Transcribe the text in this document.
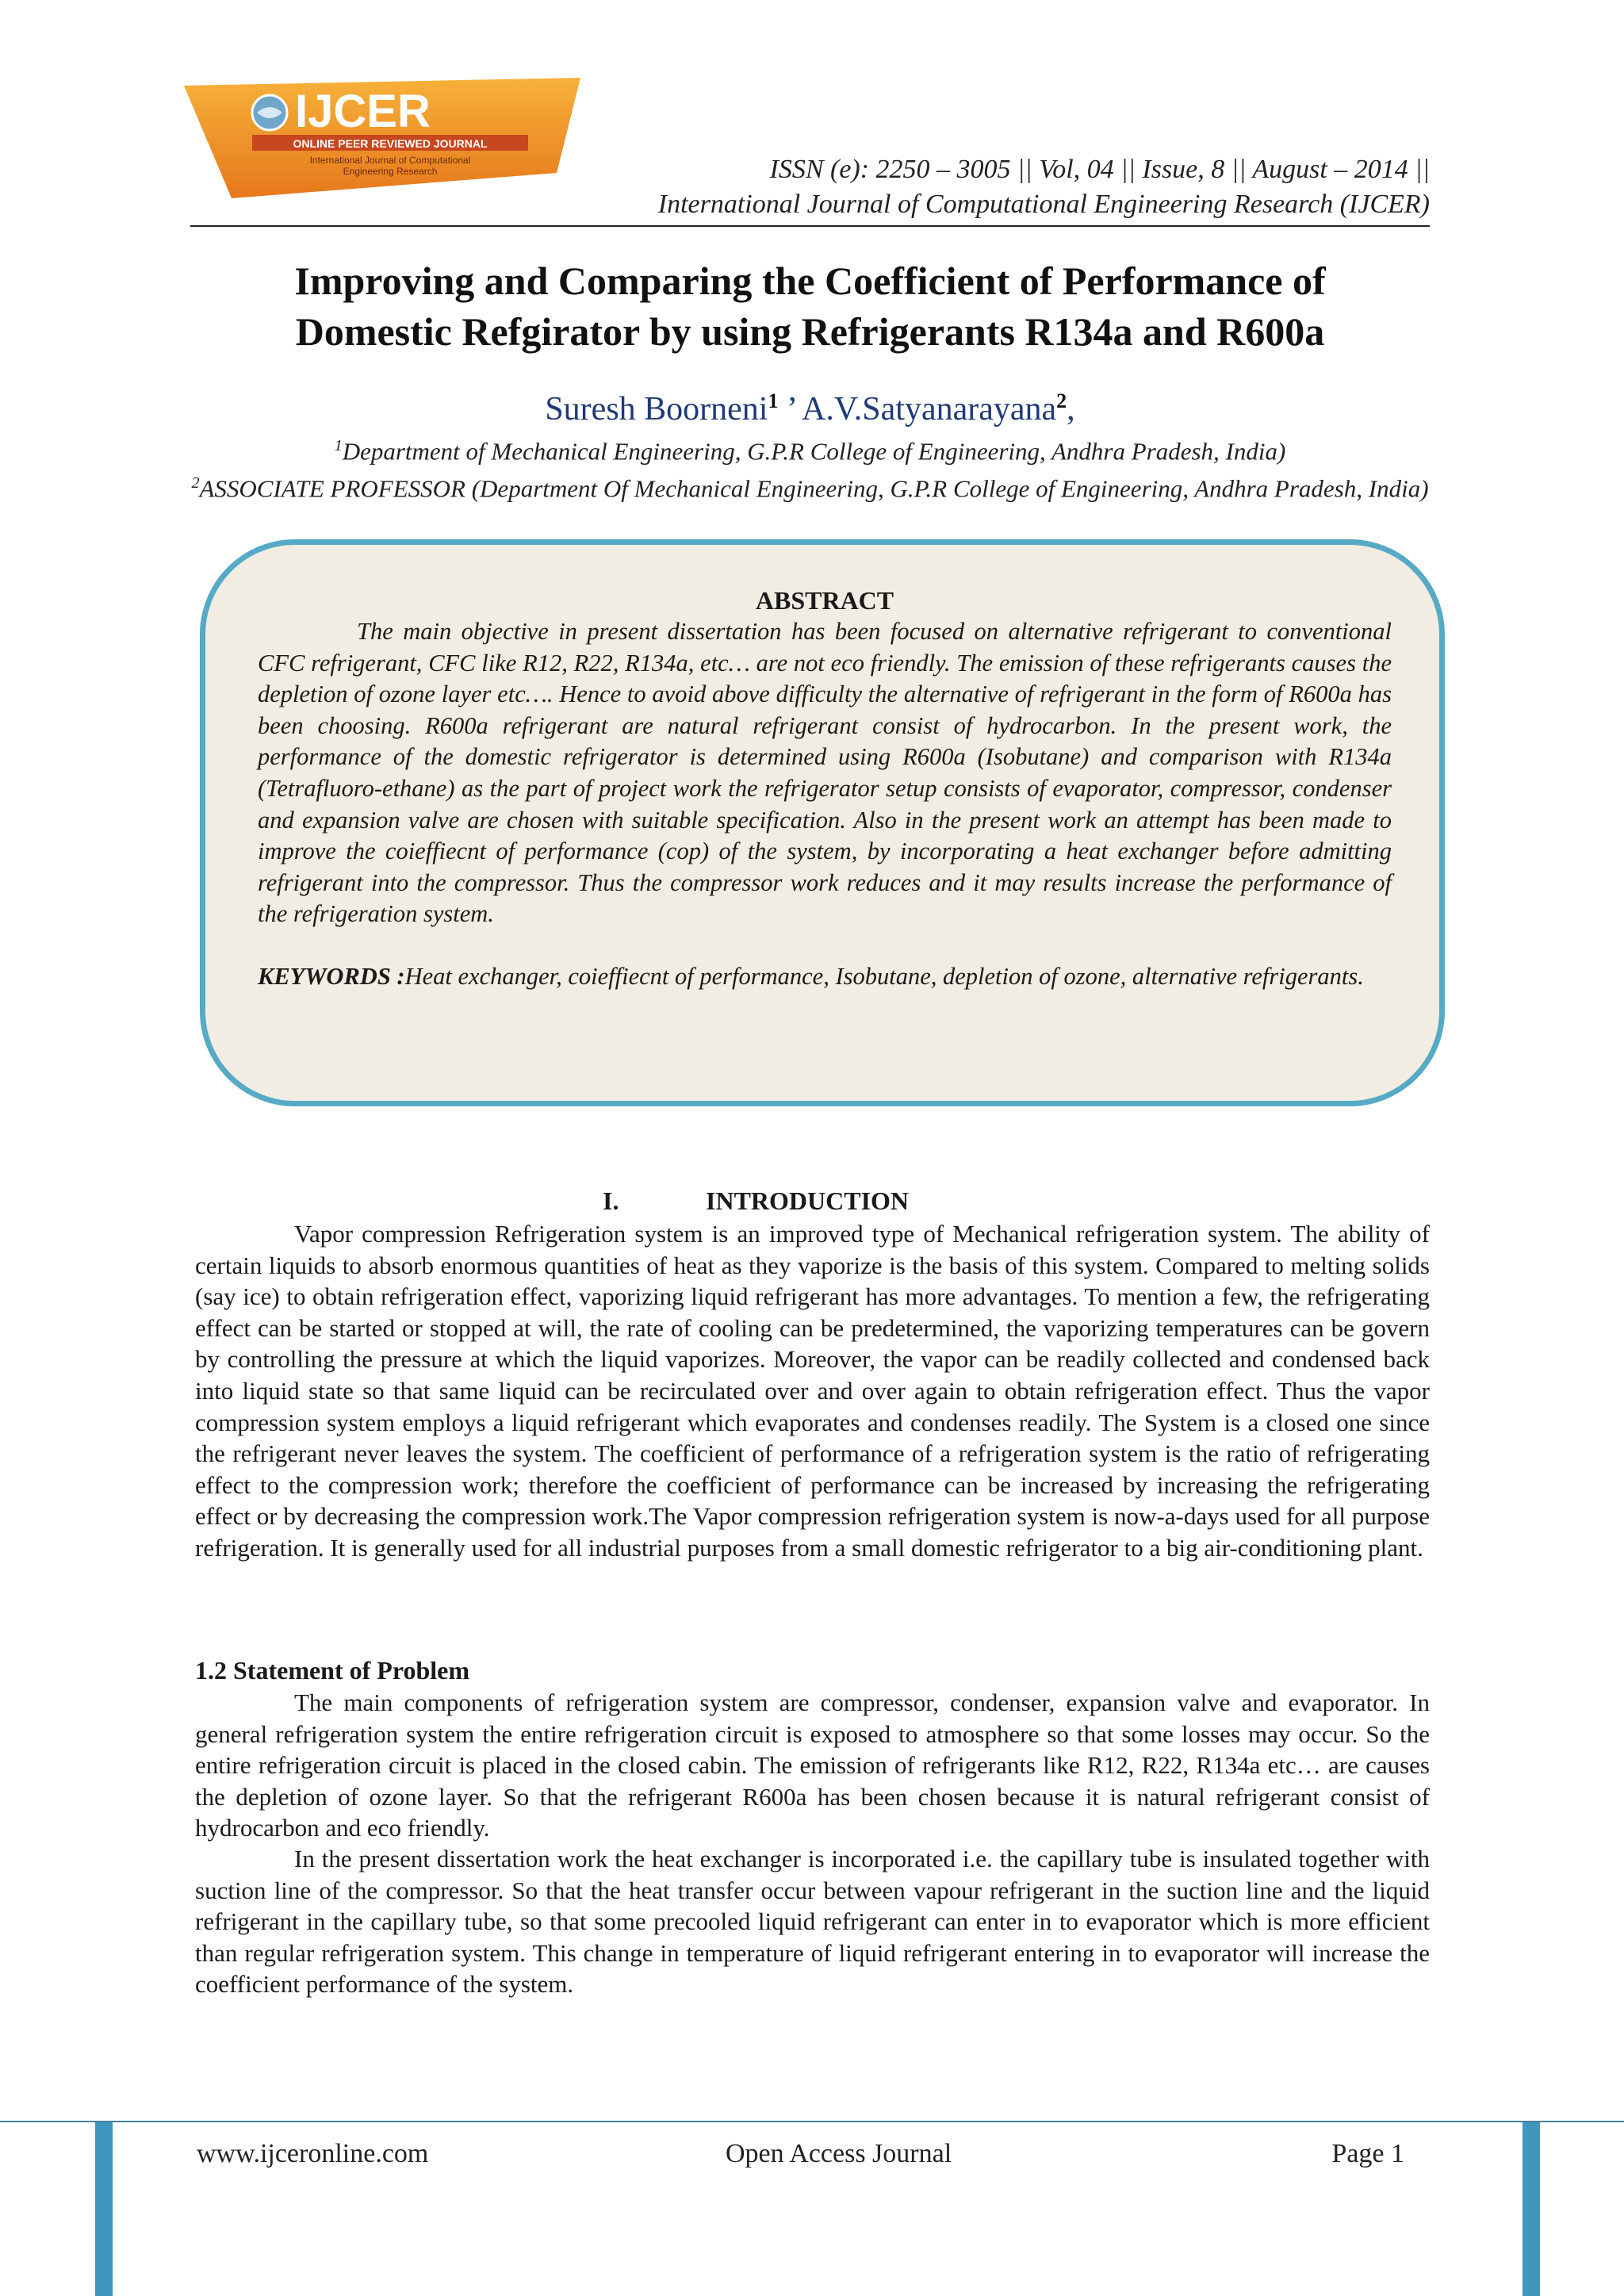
IJCER
ONLINE PEER REVIEWED JOURNAL
International Journal of Computational
Engineering Research	ISSN (e): 2250 – 3005 || Vol, 04 || Issue, 8 || August – 2014 ||
International Journal of Computational Engineering Research (IJCER)
Improving and Comparing the Coefficient of Performance of
Domestic Refgirator by using Refrigerants R134a and R600a
Suresh Boorneni$^1$ ’ A.V.Satyanarayana$^2$,
$^1$Department of Mechanical Engineering, G.P.R College of Engineering, Andhra Pradesh, India)
$^2$ASSOCIATE PROFESSOR (Department Of Mechanical Engineering, G.P.R College of Engineering, Andhra Pradesh, India)
ABSTRACT

The main objective in present dissertation has been focused on alternative refrigerant to conventional CFC refrigerant, CFC like R12, R22, R134a, etc… are not eco friendly. The emission of these refrigerants causes the depletion of ozone layer etc…. Hence to avoid above difficulty the alternative of refrigerant in the form of R600a has been choosing. R600a refrigerant are natural refrigerant consist of hydrocarbon. In the present work, the performance of the domestic refrigerator is determined using R600a (Isobutane) and comparison with R134a (Tetrafluoro-ethane) as the part of project work the refrigerator setup consists of evaporator, compressor, condenser and expansion valve are chosen with suitable specification. Also in the present work an attempt has been made to improve the coieffiecnt of performance (cop) of the system, by incorporating a heat exchanger before admitting refrigerant into the compressor. Thus the compressor work reduces and it may results increase the performance of the refrigeration system.

KEYWORDS :Heat exchanger, coieffiecnt of performance, Isobutane, depletion of ozone, alternative refrigerants.
I.	INTRODUCTION

Vapor compression Refrigeration system is an improved type of Mechanical refrigeration system. The ability of certain liquids to absorb enormous quantities of heat as they vaporize is the basis of this system. Compared to melting solids (say ice) to obtain refrigeration effect, vaporizing liquid refrigerant has more advantages. To mention a few, the refrigerating effect can be started or stopped at will, the rate of cooling can be predetermined, the vaporizing temperatures can be govern by controlling the pressure at which the liquid vaporizes. Moreover, the vapor can be readily collected and condensed back into liquid state so that same liquid can be recirculated over and over again to obtain refrigeration effect. Thus the vapor compression system employs a liquid refrigerant which evaporates and condenses readily. The System is a closed one since the refrigerant never leaves the system. The coefficient of performance of a refrigeration system is the ratio of refrigerating effect to the compression work; therefore the coefficient of performance can be increased by increasing the refrigerating effect or by decreasing the compression work.The Vapor compression refrigeration system is now-a-days used for all purpose refrigeration. It is generally used for all industrial purposes from a small domestic refrigerator to a big air-conditioning plant.

1.2 Statement of Problem

The main components of refrigeration system are compressor, condenser, expansion valve and evaporator. In general refrigeration system the entire refrigeration circuit is exposed to atmosphere so that some losses may occur. So the entire refrigeration circuit is placed in the closed cabin. The emission of refrigerants like R12, R22, R134a etc… are causes the depletion of ozone layer. So that the refrigerant R600a has been chosen because it is natural refrigerant consist of hydrocarbon and eco friendly.

In the present dissertation work the heat exchanger is incorporated i.e. the capillary tube is insulated together with suction line of the compressor. So that the heat transfer occur between vapour refrigerant in the suction line and the liquid refrigerant in the capillary tube, so that some precooled liquid refrigerant can enter in to evaporator which is more efficient than regular refrigeration system. This change in temperature of liquid refrigerant entering in to evaporator will increase the coefficient performance of the system.

www.ijceronline.com	Open Access Journal	Page 1
